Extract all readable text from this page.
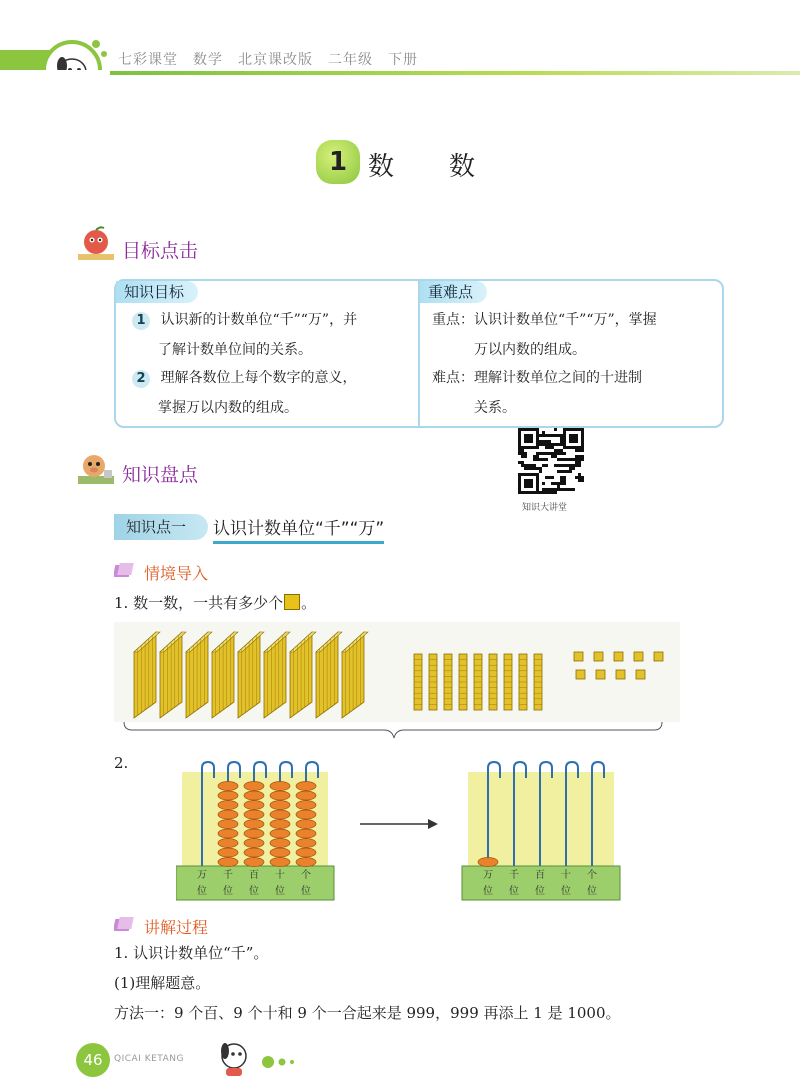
七彩课堂　数学　北京课改版　二年级　下册
1 数　　数
目标点击
知识目标	重难点
1 认识新的计数单位“千”“万”，并
了解计数单位间的关系。
2 理解各数位上每个数字的意义，
掌握万以内数的组成。
重点：认识计数单位“千”“万”，掌握
万以内数的组成。
难点：理解计数单位之间的十进制
关系。
知识大讲堂
知识盘点
知识点一	认识计数单位“千”“万”
情境导入
1. 数一数，一共有多少个 。
2.
万
位
千
位
百
位
十
位
个
位
万
位
千
位
百
位
十
位
个
位
讲解过程
1. 认识计数单位“千”。
(1)理解题意。
方法一：9 个百、9 个十和 9 个一合起来是 999，999 再添上 1 是 1000。
46	QICAI KETANG
